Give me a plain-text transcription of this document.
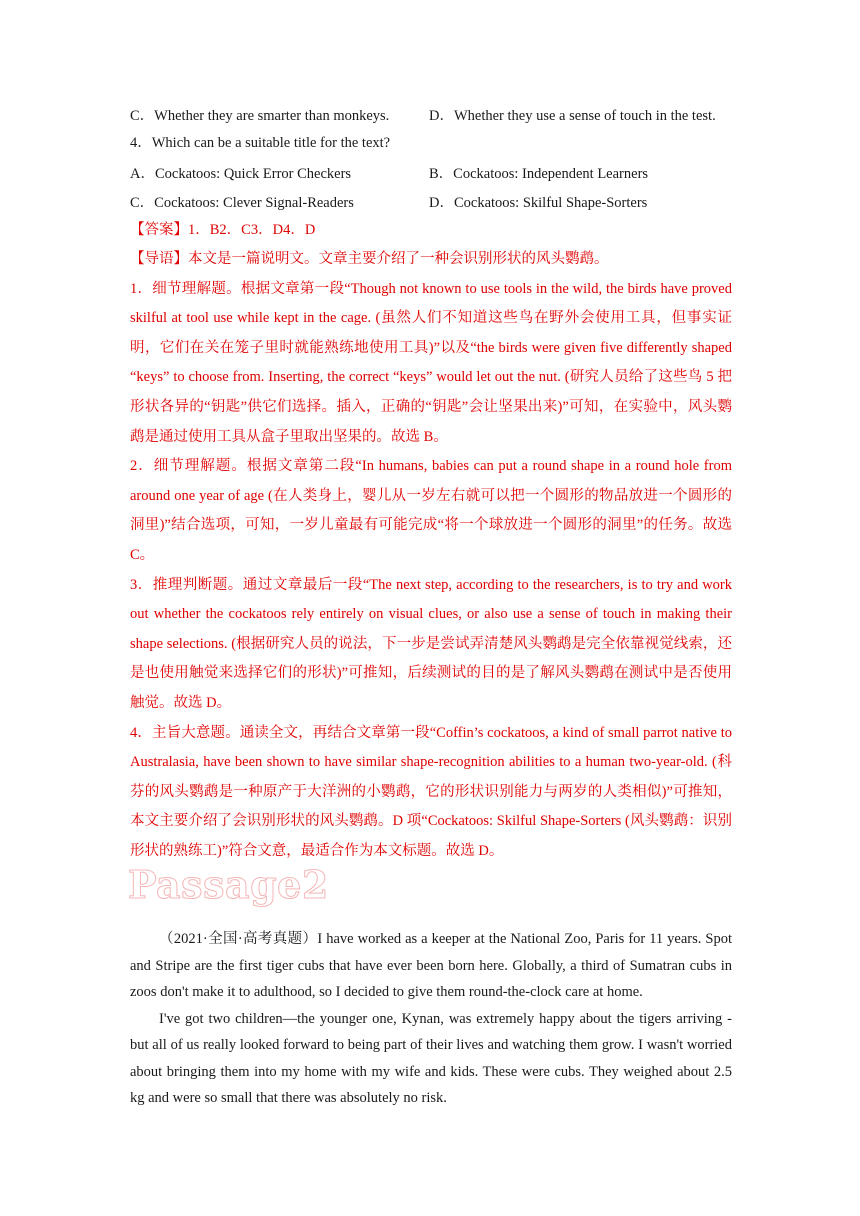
C．Whether they are smarter than monkeys.	D．Whether they use a sense of touch in the test.
4．Which can be a suitable title for the text?
A．Cockatoos: Quick Error Checkers	B．Cockatoos: Independent Learners
C．Cockatoos: Clever Signal-Readers	D．Cockatoos: Skilful Shape-Sorters
【答案】1．B2．C3．D4．D

【导语】本文是一篇说明文。文章主要介绍了一种会识别形状的风头鹦鹉。

1．细节理解题。根据文章第一段“Though not known to use tools in the wild, the birds have proved skilful at tool use while kept in the cage. (虽然人们不知道这些鸟在野外会使用工具，但事实证明，它们在关在笼子里时就能熟练地使用工具)”以及“the birds were given five differently shaped “keys” to choose from. Inserting, the correct “keys” would let out the nut. (研究人员给了这些鸟 5 把形状各异的“钥匙”供它们选择。插入，正确的“钥匙”会让坚果出来)”可知，在实验中，风头鹦鹉是通过使用工具从盒子里取出坚果的。故选 B。

2．细节理解题。根据文章第二段“In humans, babies can put a round shape in a round hole from around one year of age (在人类身上，婴儿从一岁左右就可以把一个圆形的物品放进一个圆形的洞里)”结合选项，可知，一岁儿童最有可能完成“将一个球放进一个圆形的洞里”的任务。故选 C。

3．推理判断题。通过文章最后一段“The next step, according to the researchers, is to try and work out whether the cockatoos rely entirely on visual clues, or also use a sense of touch in making their shape selections. (根据研究人员的说法，下一步是尝试弄清楚风头鹦鹉是完全依靠视觉线索，还是也使用触觉来选择它们的形状)”可推知，后续测试的目的是了解风头鹦鹉在测试中是否使用触觉。故选 D。

4．主旨大意题。通读全文，再结合文章第一段“Coffin’s cockatoos, a kind of small parrot native to Australasia, have been shown to have similar shape-recognition abilities to a human two-year-old. (科芬的风头鹦鹉是一种原产于大洋洲的小鹦鹉，它的形状识别能力与两岁的人类相似)”可推知，本文主要介绍了会识别形状的风头鹦鹉。D 项“Cockatoos: Skilful Shape-Sorters (风头鹦鹉：识别形状的熟练工)”符合文意，最适合作为本文标题。故选 D。

Passage2

（2021·全国·高考真题）I have worked as a keeper at the National Zoo, Paris for 11 years. Spot and Stripe are the first tiger cubs that have ever been born here. Globally, a third of Sumatran cubs in zoos don't make it to adulthood, so I decided to give them round-the-clock care at home.

I've got two children—the younger one, Kynan, was extremely happy about the tigers arriving - but all of us really looked forward to being part of their lives and watching them grow. I wasn't worried about bringing them into my home with my wife and kids. These were cubs. They weighed about 2.5 kg and were so small that there was absolutely no risk.
